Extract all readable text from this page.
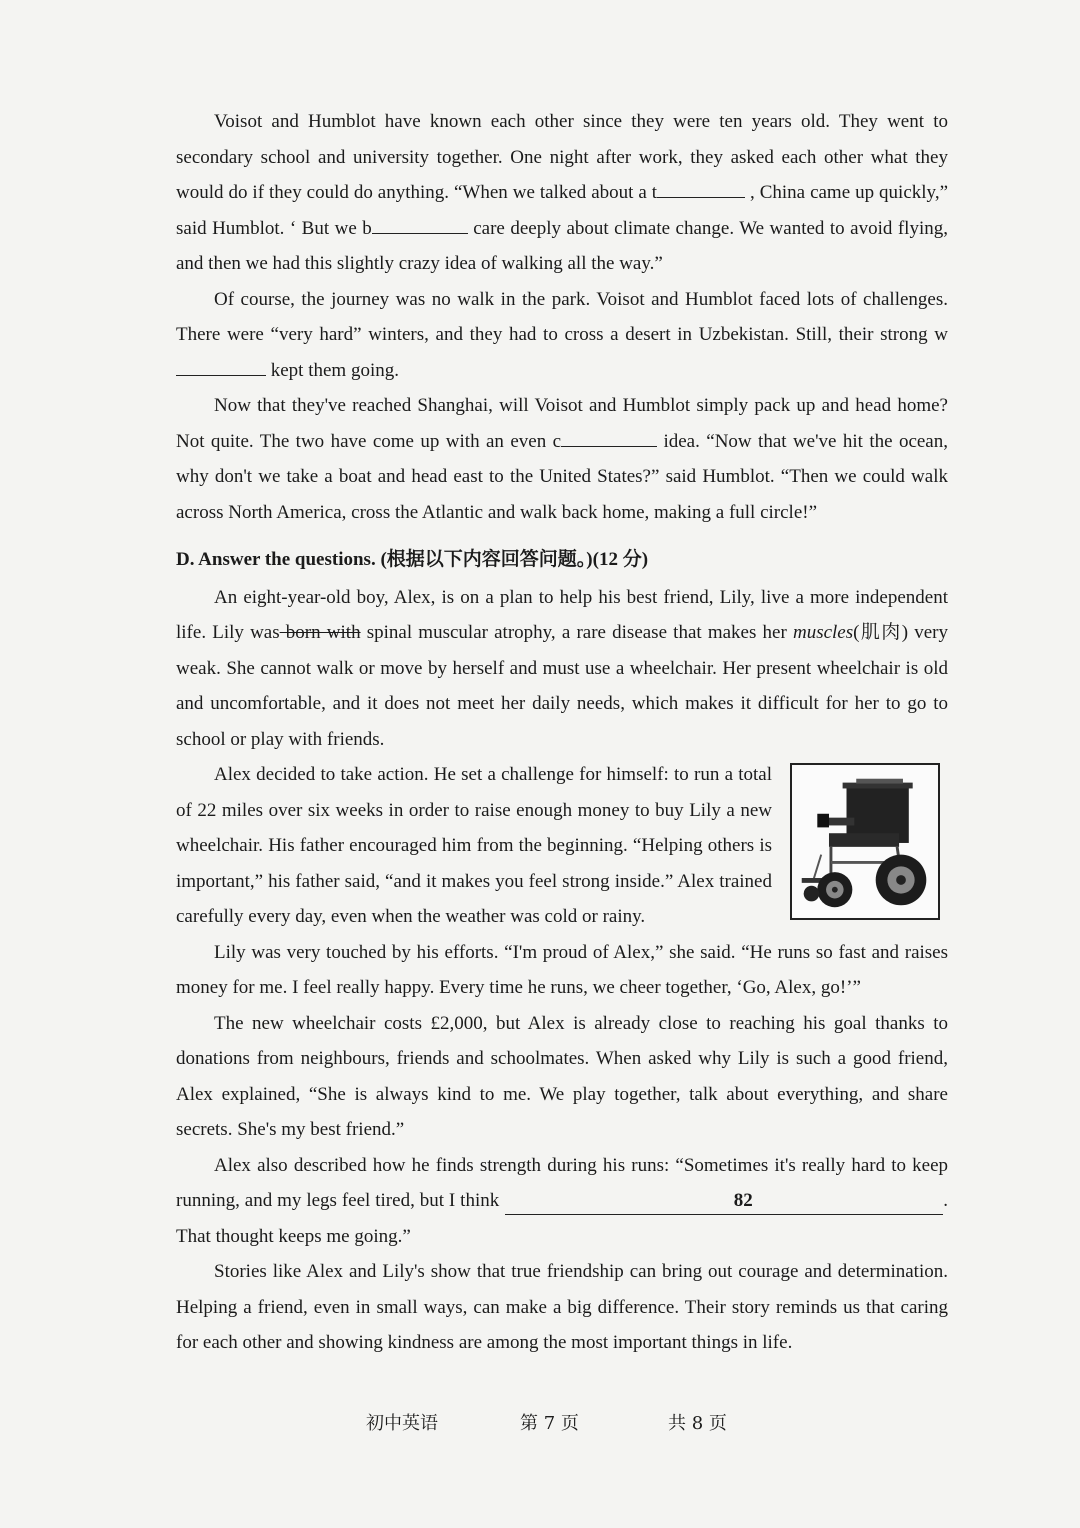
Voisot and Humblot have known each other since they were ten years old. They went to secondary school and university together. One night after work, they asked each other what they would do if they could do anything. “When we talked about a t	, China came up quickly,” said Humblot. ‘ But we b	care deeply about climate change. We wanted to avoid flying, and then we had this slightly crazy idea of walking all the way.”

Of course, the journey was no walk in the park. Voisot and Humblot faced lots of challenges. There were “very hard” winters, and they had to cross a desert in Uzbekistan. Still, their strong w kept them going.

Now that they've reached Shanghai, will Voisot and Humblot simply pack up and head home? Not quite. The two have come up with an even c	idea. “Now that we've hit the ocean, why don't we take a boat and head east to the United States?” said Humblot. “Then we could walk across North America, cross the Atlantic and walk back home, making a full circle!”

D. Answer the questions. (根据以下内容回答问题。)(12 分)

An eight-year-old boy, Alex, is on a plan to help his best friend, Lily, live a more independent life. Lily was born with spinal muscular atrophy, a rare disease that makes her muscles(肌肉) very weak. She cannot walk or move by herself and must use a wheelchair. Her present wheelchair is old and uncomfortable, and it does not meet her daily needs, which makes it difficult for her to go to school or play with friends.

Alex decided to take action. He set a challenge for himself: to run a total of 22 miles over six weeks in order to raise enough money to buy Lily a new wheelchair. His father encouraged him from the beginning. “Helping others is important,” his father said, “and it makes you feel strong inside.” Alex trained carefully every day, even when the weather was cold or rainy.

Lily was very touched by his efforts. “I'm proud of Alex,” she said. “He runs so fast and raises money for me. I feel really happy. Every time he runs, we cheer together, ‘Go, Alex, go!’”

The new wheelchair costs £2,000, but Alex is already close to reaching his goal thanks to donations from neighbours, friends and schoolmates. When asked why Lily is such a good friend, Alex explained, “She is always kind to me. We play together, talk about everything, and share secrets. She's my best friend.”

Alex also described how he finds strength during his runs: “Sometimes it's really hard to keep running, and my legs feel tired, but I think	82	. That thought keeps me going.”

Stories like Alex and Lily's show that true friendship can bring out courage and determination. Helping a friend, even in small ways, can make a big difference. Their story reminds us that caring for each other and showing kindness are among the most important things in life.

初中英语	第 7 页	共 8 页
